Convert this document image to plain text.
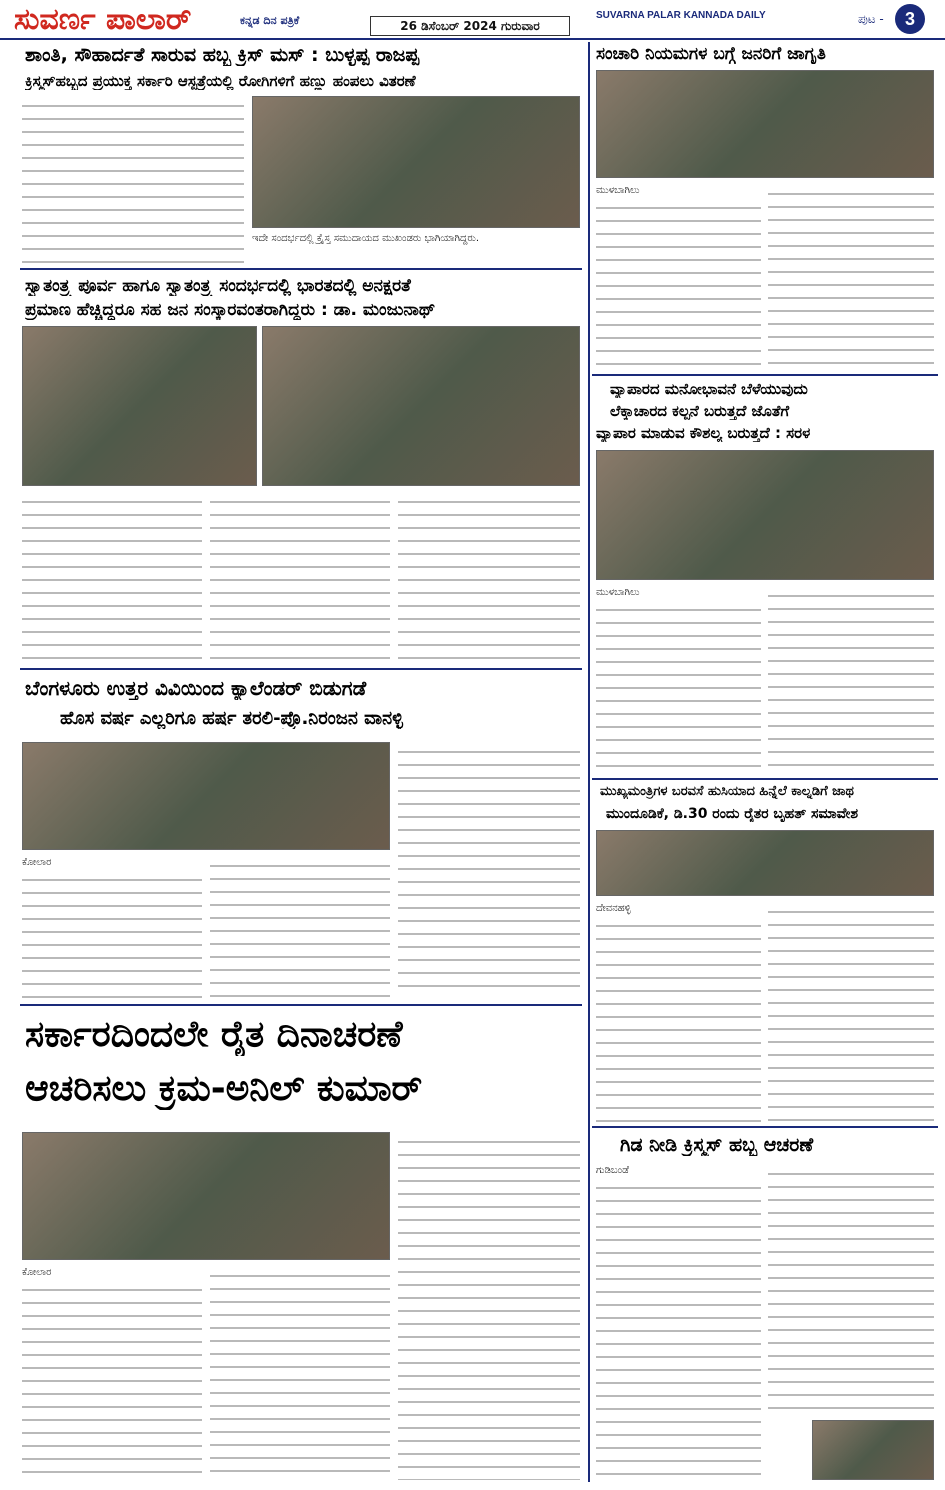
ಸುವರ್ಣ ಪಾಲಾರ್	ಕನ್ನಡ ದಿನ ಪತ್ರಿಕೆ	26 ಡಿಸೆಂಬರ್ 2024 ಗುರುವಾರ
SUVARNA PALAR KANNADA DAILY	ಪುಟ -	3
ಶಾಂತಿ, ಸೌಹಾರ್ದತೆ ಸಾರುವ ಹಬ್ಬ ಕ್ರಿಸ್ ಮಸ್ : ಬುಳ್ಳಪ್ಪ ರಾಜಪ್ಪ
ಕ್ರಿಸ್ಮಸ್‌ಹಬ್ಬದ ಪ್ರಯುಕ್ತ ಸರ್ಕಾರಿ ಆಸ್ಪತ್ರೆಯಲ್ಲಿ ರೋಗಿಗಳಿಗೆ ಹಣ್ಣು ಹಂಪಲು ವಿತರಣೆ
ಇದೇ ಸಂದರ್ಭದಲ್ಲಿ ಕ್ರೈಸ್ತ ಸಮುದಾಯದ ಮುಖಂಡರು ಭಾಗಿಯಾಗಿದ್ದರು.
ಸ್ವಾತಂತ್ರ್ಯ ಪೂರ್ವ ಹಾಗೂ ಸ್ವಾತಂತ್ರ್ಯ ಸಂದರ್ಭದಲ್ಲಿ ಭಾರತದಲ್ಲಿ ಅನಕ್ಷರತೆ
ಪ್ರಮಾಣ ಹೆಚ್ಚಿದ್ದರೂ ಸಹ ಜನ ಸಂಸ್ಕಾರವಂತರಾಗಿದ್ದರು : ಡಾ. ಮಂಜುನಾಥ್
ಬೆಂಗಳೂರು ಉತ್ತರ ವಿವಿಯಿಂದ ಕ್ಯಾಲೆಂಡರ್ ಬಿಡುಗಡೆ
ಹೊಸ ವರ್ಷ ಎಲ್ಲರಿಗೂ ಹರ್ಷ ತರಲಿ-ಪ್ರೊ.ನಿರಂಜನ ವಾನಳ್ಳಿ
ಕೋಲಾರ
ಸರ್ಕಾರದಿಂದಲೇ ರೈತ ದಿನಾಚರಣೆ
ಆಚರಿಸಲು ಕ್ರಮ-ಅನಿಲ್ ಕುಮಾರ್
ಕೋಲಾರ
ಸಂಚಾರಿ ನಿಯಮಗಳ ಬಗ್ಗೆ ಜನರಿಗೆ ಜಾಗೃತಿ
ಮುಳಬಾಗಿಲು
ವ್ಯಾಪಾರದ ಮನೋಭಾವನೆ ಬೆಳೆಯುವುದು
ಲೆಕ್ಕಾಚಾರದ ಕಲ್ಪನೆ ಬರುತ್ತದೆ ಜೊತೆಗೆ
ವ್ಯಾಪಾರ ಮಾಡುವ ಕೌಶಲ್ಯ ಬರುತ್ತದೆ : ಸರಳ
ಮುಳಬಾಗಿಲು
ಮುಖ್ಯಮಂತ್ರಿಗಳ ಬರವಸೆ ಹುಸಿಯಾದ ಹಿನ್ನೆಲೆ ಕಾಲ್ನಡಿಗೆ ಜಾಥ
ಮುಂದೂಡಿಕೆ, ಡಿ.30 ರಂದು ರೈತರ ಬೃಹತ್ ಸಮಾವೇಶ
ದೇವನಹಳ್ಳಿ
ಗಿಡ ನೀಡಿ ಕ್ರಿಸ್ಮಸ್ ಹಬ್ಬ ಆಚರಣೆ
ಗುಡಿಬಂಡೆ
